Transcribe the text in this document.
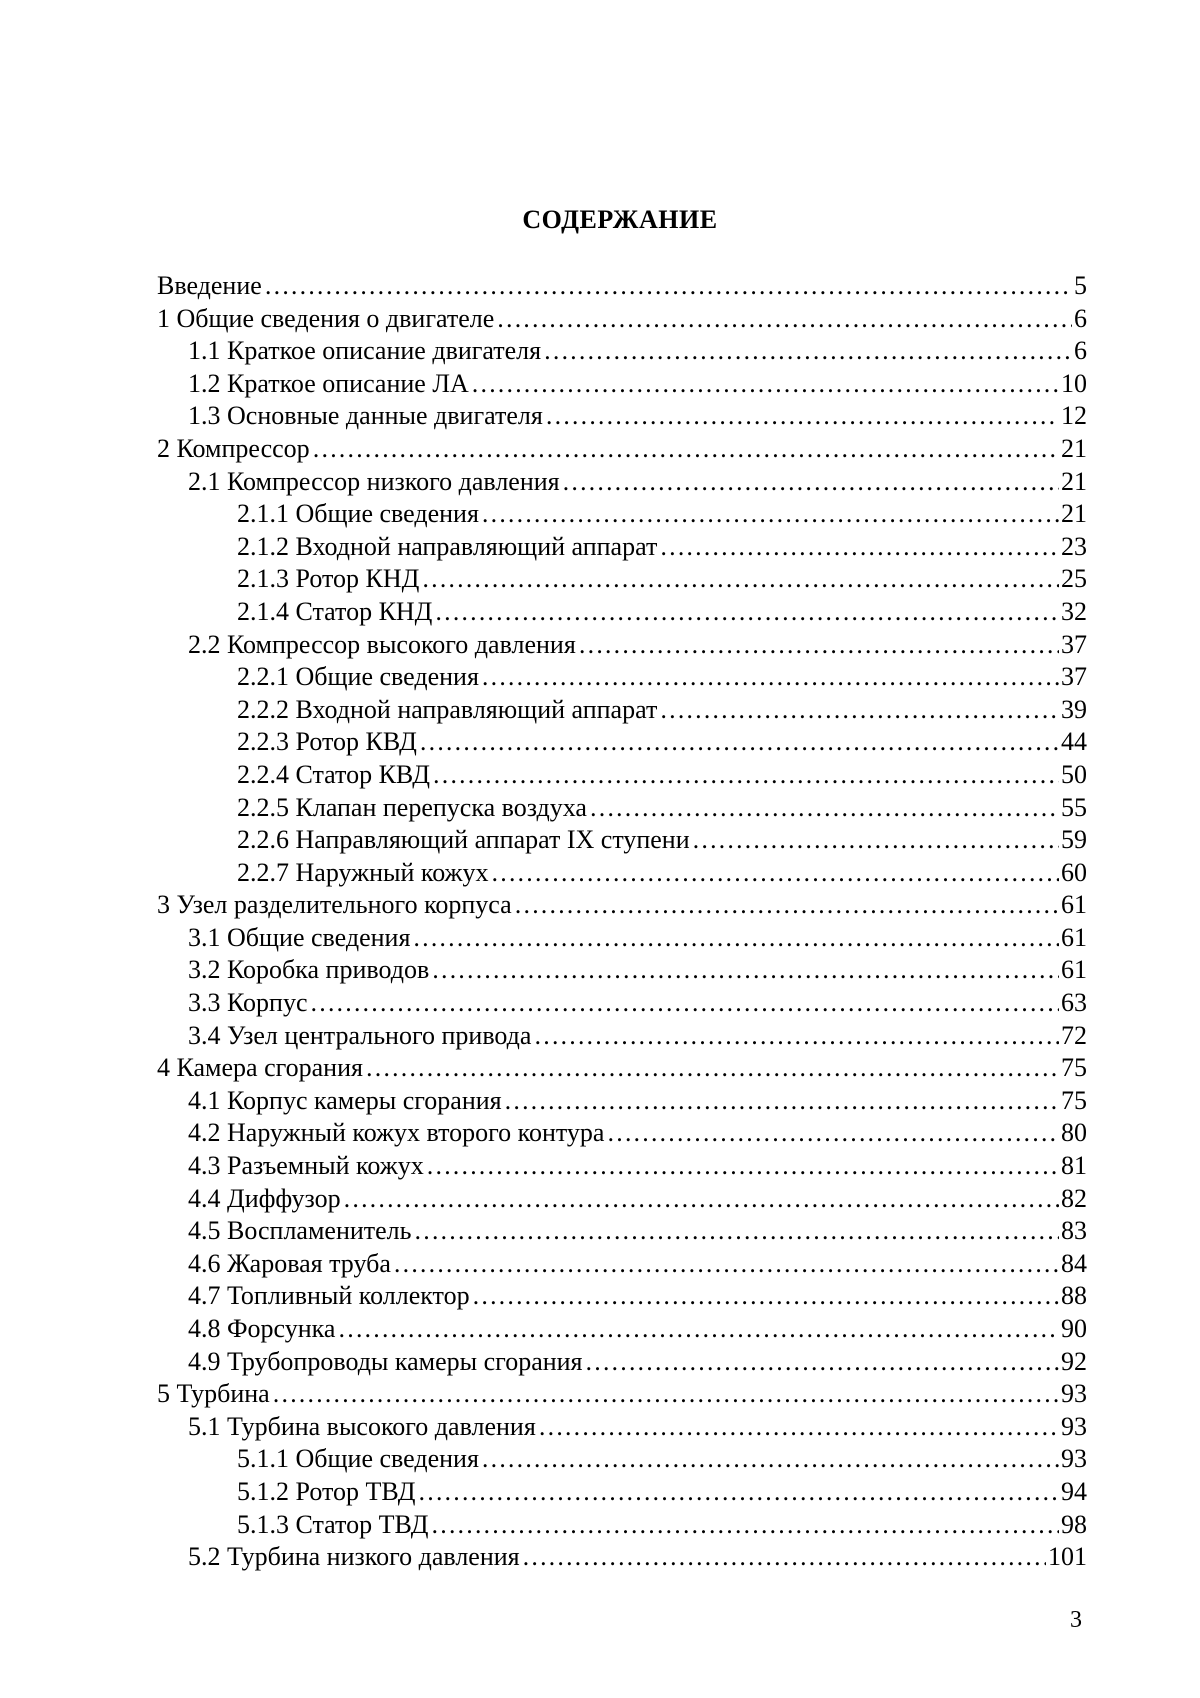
СОДЕРЖАНИЕ
Введение …………………………………………………………………………………………………………………………………………………………………………	5
1 Общие сведения о двигателе …………………………………………………………………………………………………………………………………………………………………………	6
1.1 Краткое описание двигателя …………………………………………………………………………………………………………………………………………………………………………	6
1.2 Краткое описание ЛА …………………………………………………………………………………………………………………………………………………………………………	10
1.3 Основные данные двигателя …………………………………………………………………………………………………………………………………………………………………………	12
2 Компрессор …………………………………………………………………………………………………………………………………………………………………………	21
2.1 Компрессор низкого давления …………………………………………………………………………………………………………………………………………………………………………	21
2.1.1 Общие сведения …………………………………………………………………………………………………………………………………………………………………………	21
2.1.2 Входной направляющий аппарат …………………………………………………………………………………………………………………………………………………………………………	23
2.1.3 Ротор КНД …………………………………………………………………………………………………………………………………………………………………………	25
2.1.4 Статор КНД …………………………………………………………………………………………………………………………………………………………………………	32
2.2 Компрессор высокого давления …………………………………………………………………………………………………………………………………………………………………………	37
2.2.1 Общие сведения …………………………………………………………………………………………………………………………………………………………………………	37
2.2.2 Входной направляющий аппарат …………………………………………………………………………………………………………………………………………………………………………	39
2.2.3 Ротор КВД …………………………………………………………………………………………………………………………………………………………………………	44
2.2.4 Статор КВД …………………………………………………………………………………………………………………………………………………………………………	50
2.2.5 Клапан перепуска воздуха …………………………………………………………………………………………………………………………………………………………………………	55
2.2.6 Направляющий аппарат IX ступени …………………………………………………………………………………………………………………………………………………………………………	59
2.2.7 Наружный кожух …………………………………………………………………………………………………………………………………………………………………………	60
3 Узел разделительного корпуса …………………………………………………………………………………………………………………………………………………………………………	61
3.1 Общие сведения …………………………………………………………………………………………………………………………………………………………………………	61
3.2 Коробка приводов …………………………………………………………………………………………………………………………………………………………………………	61
3.3 Корпус …………………………………………………………………………………………………………………………………………………………………………	63
3.4 Узел центрального привода …………………………………………………………………………………………………………………………………………………………………………	72
4 Камера сгорания …………………………………………………………………………………………………………………………………………………………………………	75
4.1 Корпус камеры сгорания …………………………………………………………………………………………………………………………………………………………………………	75
4.2 Наружный кожух второго контура …………………………………………………………………………………………………………………………………………………………………………	80
4.3 Разъемный кожух …………………………………………………………………………………………………………………………………………………………………………	81
4.4 Диффузор …………………………………………………………………………………………………………………………………………………………………………	82
4.5 Воспламенитель …………………………………………………………………………………………………………………………………………………………………………	83
4.6 Жаровая труба …………………………………………………………………………………………………………………………………………………………………………	84
4.7 Топливный коллектор …………………………………………………………………………………………………………………………………………………………………………	88
4.8 Форсунка …………………………………………………………………………………………………………………………………………………………………………	90
4.9 Трубопроводы камеры сгорания …………………………………………………………………………………………………………………………………………………………………………	92
5 Турбина …………………………………………………………………………………………………………………………………………………………………………	93
5.1 Турбина высокого давления …………………………………………………………………………………………………………………………………………………………………………	93
5.1.1 Общие сведения …………………………………………………………………………………………………………………………………………………………………………	93
5.1.2 Ротор ТВД …………………………………………………………………………………………………………………………………………………………………………	94
5.1.3 Статор ТВД …………………………………………………………………………………………………………………………………………………………………………	98
5.2 Турбина низкого давления …………………………………………………………………………………………………………………………………………………………………………	101
3
